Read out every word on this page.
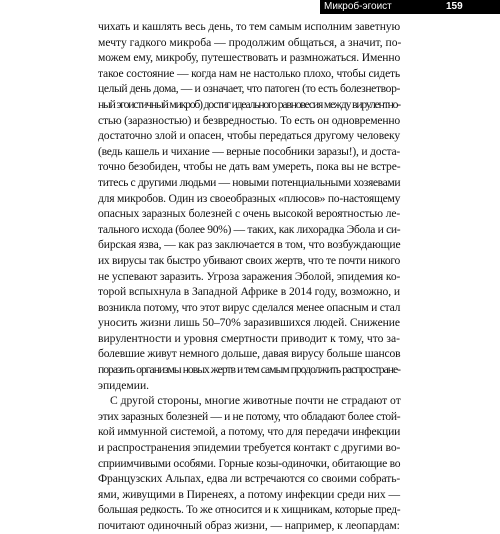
Микроб-эгоист	159
чихать и кашлять весь день, то тем самым исполним заветную
мечту гадкого микроба — продолжим общаться, а значит, по-
можем ему, микробу, путешествовать и размножаться. Именно
такое состояние — когда нам не настолько плохо, чтобы сидеть
целый день дома, — и означает, что патоген (то есть болезнетвор-
ный эгоистичный микроб) достиг идеального равновесия между вирулентно-
стью (заразностью) и безвредностью. То есть он одновременно
достаточно злой и опасен, чтобы передаться другому человеку
(ведь кашель и чихание — верные пособники заразы!), и доста-
точно безобиден, чтобы не дать вам умереть, пока вы не встре-
титесь с другими людьми — новыми потенциальными хозяевами
для микробов. Один из своеобразных «плюсов» по-настоящему
опасных заразных болезней с очень высокой вероятностью ле-
тального исхода (более 90%) — таких, как лихорадка Эбола и си-
бирская язва, — как раз заключается в том, что возбуждающие
их вирусы так быстро убивают своих жертв, что те почти никого
не успевают заразить. Угроза заражения Эболой, эпидемия ко-
торой вспыхнула в Западной Африке в 2014 году, возможно, и
возникла потому, что этот вирус сделался менее опасным и стал
уносить жизни лишь 50–70% заразившихся людей. Снижение
вирулентности и уровня смертности приводит к тому, что за-
болевшие живут немного дольше, давая вирусу больше шансов
поразить организмы новых жертв и тем самым продолжить распростране-
эпидемии.
С другой стороны, многие животные почти не страдают от
этих заразных болезней — и не потому, что обладают более стой-
кой иммунной системой, а потому, что для передачи инфекции
и распространения эпидемии требуется контакт с другими во-
сприимчивыми особями. Горные козы-одиночки, обитающие во
Французских Альпах, едва ли встречаются со своими собрать-
ями, живущими в Пиренеях, а потому инфекции среди них —
большая редкость. То же относится и к хищникам, которые пред-
почитают одиночный образ жизни, — например, к леопардам:
